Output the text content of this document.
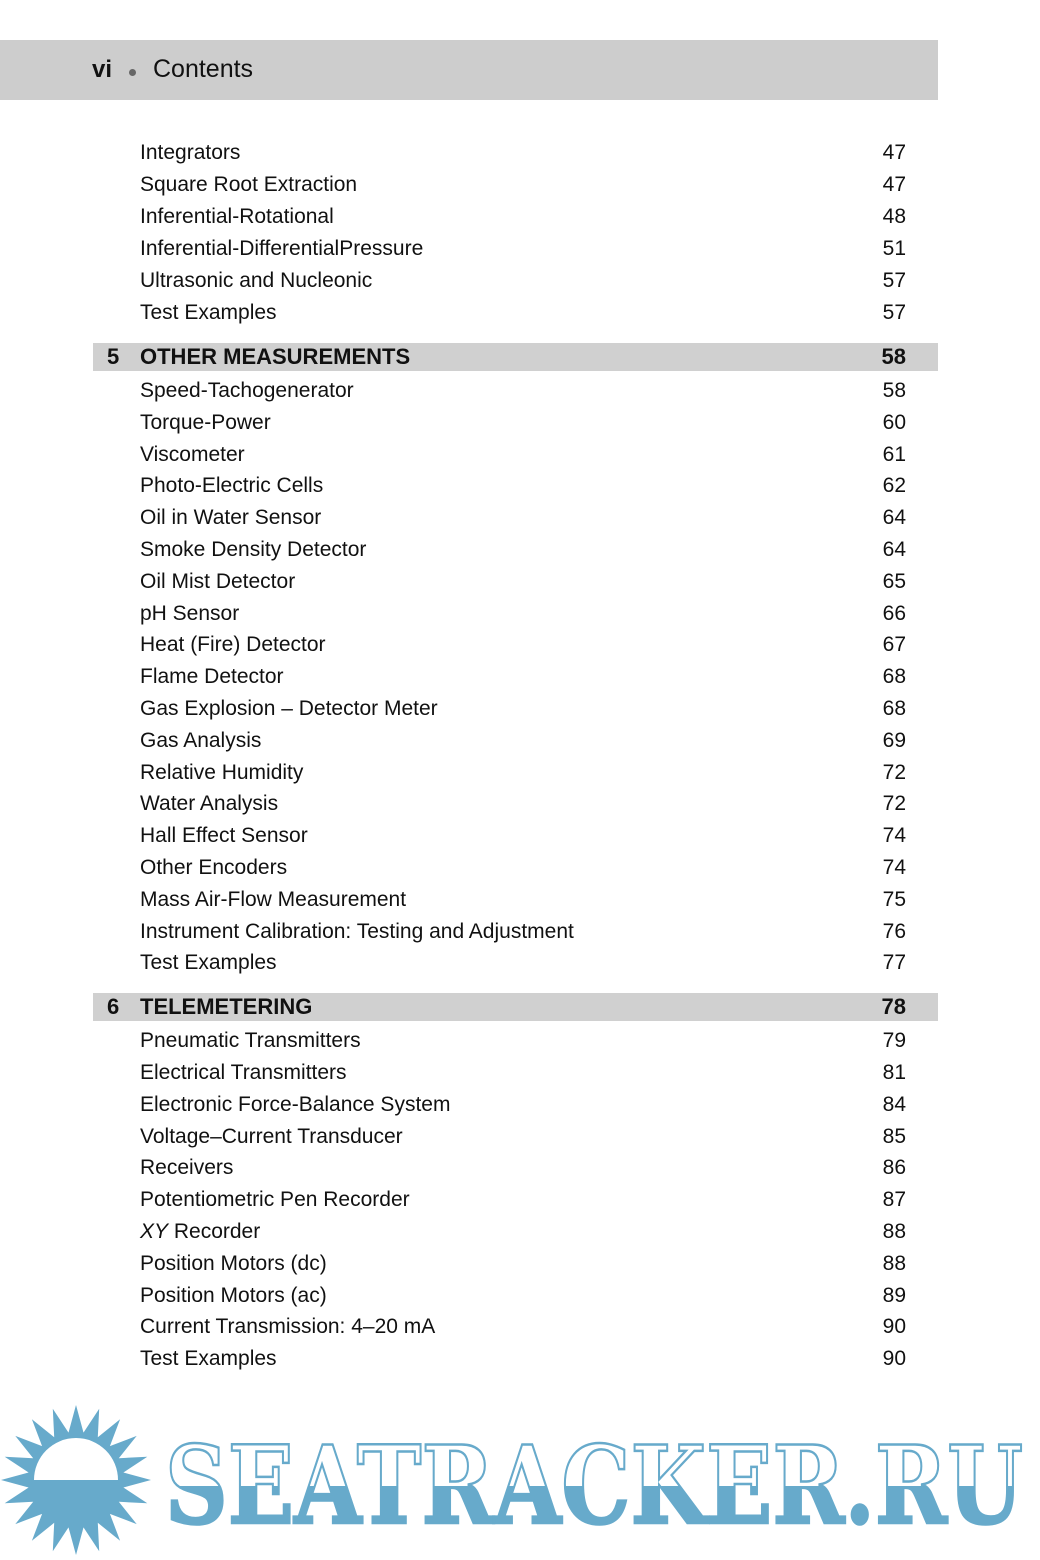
vi Contents
Integrators	47
Square Root Extraction	47
Inferential-Rotational	48
Inferential-DifferentialPressure	51
Ultrasonic and Nucleonic	57
Test Examples	57
5 OTHER MEASUREMENTS	58
Speed-Tachogenerator	58
Torque-Power	60
Viscometer	61
Photo-Electric Cells	62
Oil in Water Sensor	64
Smoke Density Detector	64
Oil Mist Detector	65
pH Sensor	66
Heat (Fire) Detector	67
Flame Detector	68
Gas Explosion – Detector Meter	68
Gas Analysis	69
Relative Humidity	72
Water Analysis	72
Hall Effect Sensor	74
Other Encoders	74
Mass Air-Flow Measurement	75
Instrument Calibration: Testing and Adjustment	76
Test Examples	77
6 TELEMETERING	78
Pneumatic Transmitters	79
Electrical Transmitters	81
Electronic Force-Balance System	84
Voltage–Current Transducer	85
Receivers	86
Potentiometric Pen Recorder	87
XY Recorder	88
Position Motors (dc)	88
Position Motors (ac)	89
Current Transmission: 4–20 mA	90
Test Examples	90
SEATRACKER.RU
